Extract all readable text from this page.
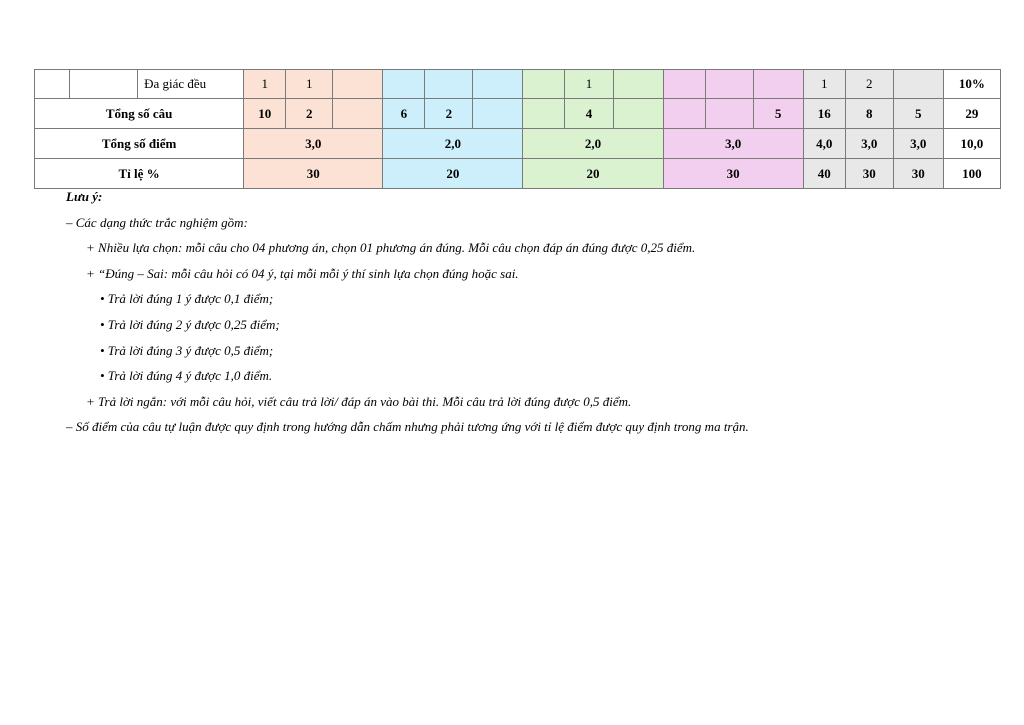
		Đa giác đều	1	1						1					1	2		10%
Tổng số câu			10	2		6	2			4				5	16	8	5	29
Tổng số điểm			3,0			2,0			2,0			3,0			4,0	3,0	3,0	10,0
Tỉ lệ %			30			20			20			30			40	30	30	100
Lưu ý:
– Các dạng thức trắc nghiệm gồm:
+ Nhiều lựa chọn: mỗi câu cho 04 phương án, chọn 01 phương án đúng. Mỗi câu chọn đáp án đúng được 0,25 điểm.
+ “Đúng – Sai: mỗi câu hỏi có 04 ý, tại mỗi mỗi ý thí sinh lựa chọn đúng hoặc sai.
• Trả lời đúng 1 ý được 0,1 điểm;
• Trả lời đúng 2 ý được 0,25 điểm;
• Trả lời đúng 3 ý được 0,5 điểm;
• Trả lời đúng 4 ý được 1,0 điểm.
+ Trả lời ngắn: với mỗi câu hỏi, viết câu trả lời/ đáp án vào bài thi. Mỗi câu trả lời đúng được 0,5 điểm.
– Số điểm của câu tự luận được quy định trong hướng dẫn chấm nhưng phải tương ứng với tỉ lệ điểm được quy định trong ma trận.
